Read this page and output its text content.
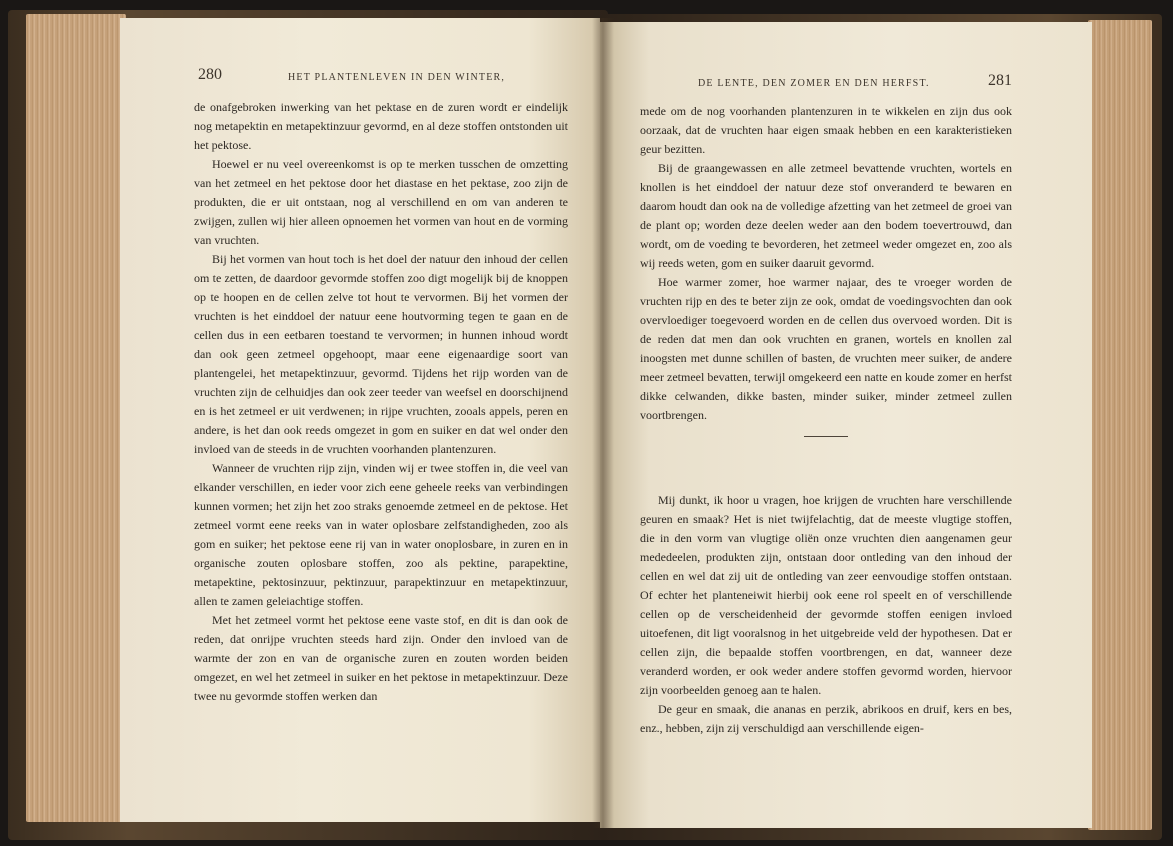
280	HET PLANTENLEVEN IN DEN WINTER,

de onafgebroken inwerking van het pektase en de zuren wordt er eindelijk nog metapektin en metapektinzuur gevormd, en al deze stoffen ontstonden uit het pektose.

Hoewel er nu veel overeenkomst is op te merken tusschen de omzetting van het zetmeel en het pektose door het diastase en het pektase, zoo zijn de produkten, die er uit ontstaan, nog al verschillend en om van anderen te zwijgen, zullen wij hier alleen opnoemen het vormen van hout en de vorming van vruchten.

Bij het vormen van hout toch is het doel der natuur den inhoud der cellen om te zetten, de daardoor gevormde stoffen zoo digt mogelijk bij de knoppen op te hoopen en de cellen zelve tot hout te vervormen. Bij het vormen der vruchten is het einddoel der natuur eene houtvorming tegen te gaan en de cellen dus in een eetbaren toestand te vervormen; in hunnen inhoud wordt dan ook geen zetmeel opgehoopt, maar eene eigenaardige soort van plantengelei, het metapektinzuur, gevormd. Tijdens het rijp worden van de vruchten zijn de celhuidjes dan ook zeer teeder van weefsel en doorschijnend en is het zetmeel er uit verdwenen; in rijpe vruchten, zooals appels, peren en andere, is het dan ook reeds omgezet in gom en suiker en dat wel onder den invloed van de steeds in de vruchten voorhanden plantenzuren.

Wanneer de vruchten rijp zijn, vinden wij er twee stoffen in, die veel van elkander verschillen, en ieder voor zich eene geheele reeks van verbindingen kunnen vormen; het zijn het zoo straks genoemde zetmeel en de pektose. Het zetmeel vormt eene reeks van in water oplosbare zelfstandigheden, zoo als gom en suiker; het pektose eene rij van in water onoplosbare, in zuren en in organische zouten oplosbare stoffen, zoo als pektine, parapektine, metapektine, pektosinzuur, pektinzuur, parapektinzuur en metapektinzuur, allen te zamen geleiachtige stoffen.

Met het zetmeel vormt het pektose eene vaste stof, en dit is dan ook de reden, dat onrijpe vruchten steeds hard zijn. Onder den invloed van de warmte der zon en van de organische zuren en zouten worden beiden omgezet, en wel het zetmeel in suiker en het pektose in metapektinzuur. Deze twee nu gevormde stoffen werken dan

DE LENTE, DEN ZOMER EN DEN HERFST.	281

mede om de nog voorhanden plantenzuren in te wikkelen en zijn dus ook oorzaak, dat de vruchten haar eigen smaak hebben en een karakteristieken geur bezitten.

Bij de graangewassen en alle zetmeel bevattende vruchten, wortels en knollen is het einddoel der natuur deze stof onveranderd te bewaren en daarom houdt dan ook na de volledige afzetting van het zetmeel de groei van de plant op; worden deze deelen weder aan den bodem toevertrouwd, dan wordt, om de voeding te bevorderen, het zetmeel weder omgezet en, zoo als wij reeds weten, gom en suiker daaruit gevormd.

Hoe warmer zomer, hoe warmer najaar, des te vroeger worden de vruchten rijp en des te beter zijn ze ook, omdat de voedingsvochten dan ook overvloediger toegevoerd worden en de cellen dus overvoed worden. Dit is de reden dat men dan ook vruchten en granen, wortels en knollen zal inoogsten met dunne schillen of basten, de vruchten meer suiker, de andere meer zetmeel bevatten, terwijl omgekeerd een natte en koude zomer en herfst dikke celwanden, dikke basten, minder suiker, minder zetmeel zullen voortbrengen.

Mij dunkt, ik hoor u vragen, hoe krijgen de vruchten hare verschillende geuren en smaak? Het is niet twijfelachtig, dat de meeste vlugtige stoffen, die in den vorm van vlugtige oliën onze vruchten dien aangenamen geur mededeelen, produkten zijn, ontstaan door ontleding van den inhoud der cellen en wel dat zij uit de ontleding van zeer eenvoudige stoffen ontstaan. Of echter het planteneiwit hierbij ook eene rol speelt en of verschillende cellen op de verscheidenheid der gevormde stoffen eenigen invloed uitoefenen, dit ligt vooralsnog in het uitgebreide veld der hypothesen. Dat er cellen zijn, die bepaalde stoffen voortbrengen, en dat, wanneer deze veranderd worden, er ook weder andere stoffen gevormd worden, hiervoor zijn voorbeelden genoeg aan te halen.

De geur en smaak, die ananas en perzik, abrikoos en druif, kers en bes, enz., hebben, zijn zij verschuldigd aan verschillende eigen-
